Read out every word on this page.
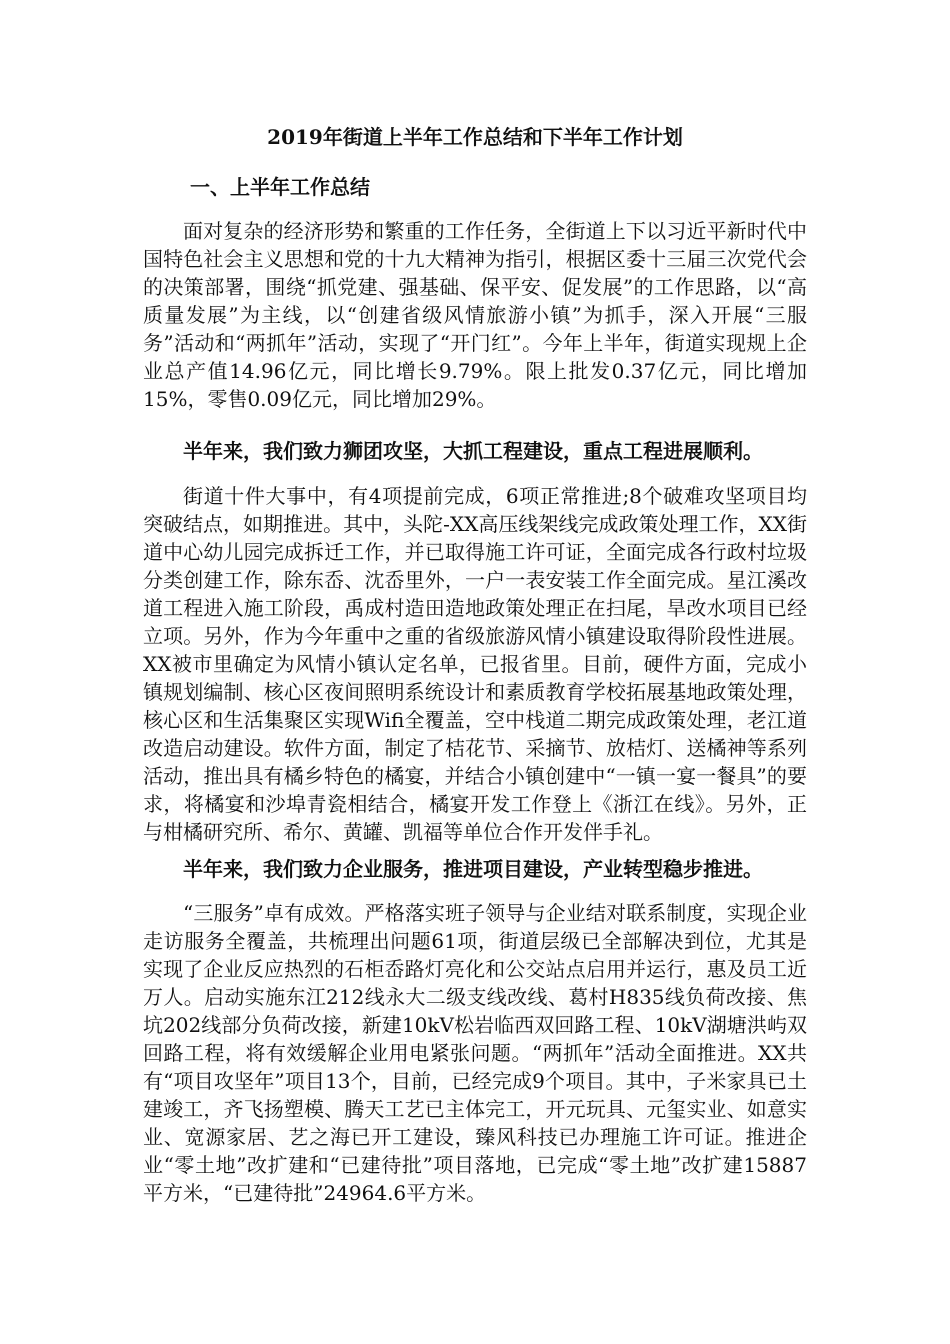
2019年街道上半年工作总结和下半年工作计划
一、上半年工作总结

面对复杂的经济形势和繁重的工作任务，全街道上下以习近平新时代中国特色社会主义思想和党的十九大精神为指引，根据区委十三届三次党代会的决策部署，围绕“抓党建、强基础、保平安、促发展”的工作思路，以“高质量发展”为主线，以“创建省级风情旅游小镇”为抓手，深入开展“三服务”活动和“两抓年”活动，实现了“开门红”。今年上半年，街道实现规上企业总产值14.96亿元，同比增长9.79%。限上批发0.37亿元，同比增加15%，零售0.09亿元，同比增加29%。

半年来，我们致力狮团攻坚，大抓工程建设，重点工程进展顺利。

街道十件大事中，有4项提前完成，6项正常推进;8个破难攻坚项目均突破结点，如期推进。其中，头陀-XX高压线架线完成政策处理工作，XX街道中心幼儿园完成拆迁工作，并已取得施工许可证，全面完成各行政村垃圾分类创建工作，除东岙、沈岙里外，一户一表安装工作全面完成。星江溪改道工程进入施工阶段，禹成村造田造地政策处理正在扫尾，旱改水项目已经立项。另外，作为今年重中之重的省级旅游风情小镇建设取得阶段性进展。XX被市里确定为风情小镇认定名单，已报省里。目前，硬件方面，完成小镇规划编制、核心区夜间照明系统设计和素质教育学校拓展基地政策处理，核心区和生活集聚区实现Wifi全覆盖，空中栈道二期完成政策处理，老江道改造启动建设。软件方面，制定了桔花节、采摘节、放桔灯、送橘神等系列活动，推出具有橘乡特色的橘宴，并结合小镇创建中“一镇一宴一餐具”的要求，将橘宴和沙埠青瓷相结合，橘宴开发工作登上《浙江在线》。另外，正与柑橘研究所、希尔、黄罐、凯福等单位合作开发伴手礼。

半年来，我们致力企业服务，推进项目建设，产业转型稳步推进。

“三服务”卓有成效。严格落实班子领导与企业结对联系制度，实现企业走访服务全覆盖，共梳理出问题61项，街道层级已全部解决到位，尤其是实现了企业反应热烈的石柜岙路灯亮化和公交站点启用并运行，惠及员工近万人。启动实施东江212线永大二级支线改线、葛村H835线负荷改接、焦坑202线部分负荷改接，新建10kV松岩临西双回路工程、10kV湖塘洪屿双回路工程，将有效缓解企业用电紧张问题。“两抓年”活动全面推进。XX共有“项目攻坚年”项目13个，目前，已经完成9个项目。其中，子米家具已土建竣工，齐飞扬塑模、腾天工艺已主体完工，开元玩具、元玺实业、如意实业、宽源家居、艺之海已开工建设，臻风科技已办理施工许可证。推进企业“零土地”改扩建和“已建待批”项目落地，已完成“零土地”改扩建15887平方米，“已建待批”24964.6平方米。
